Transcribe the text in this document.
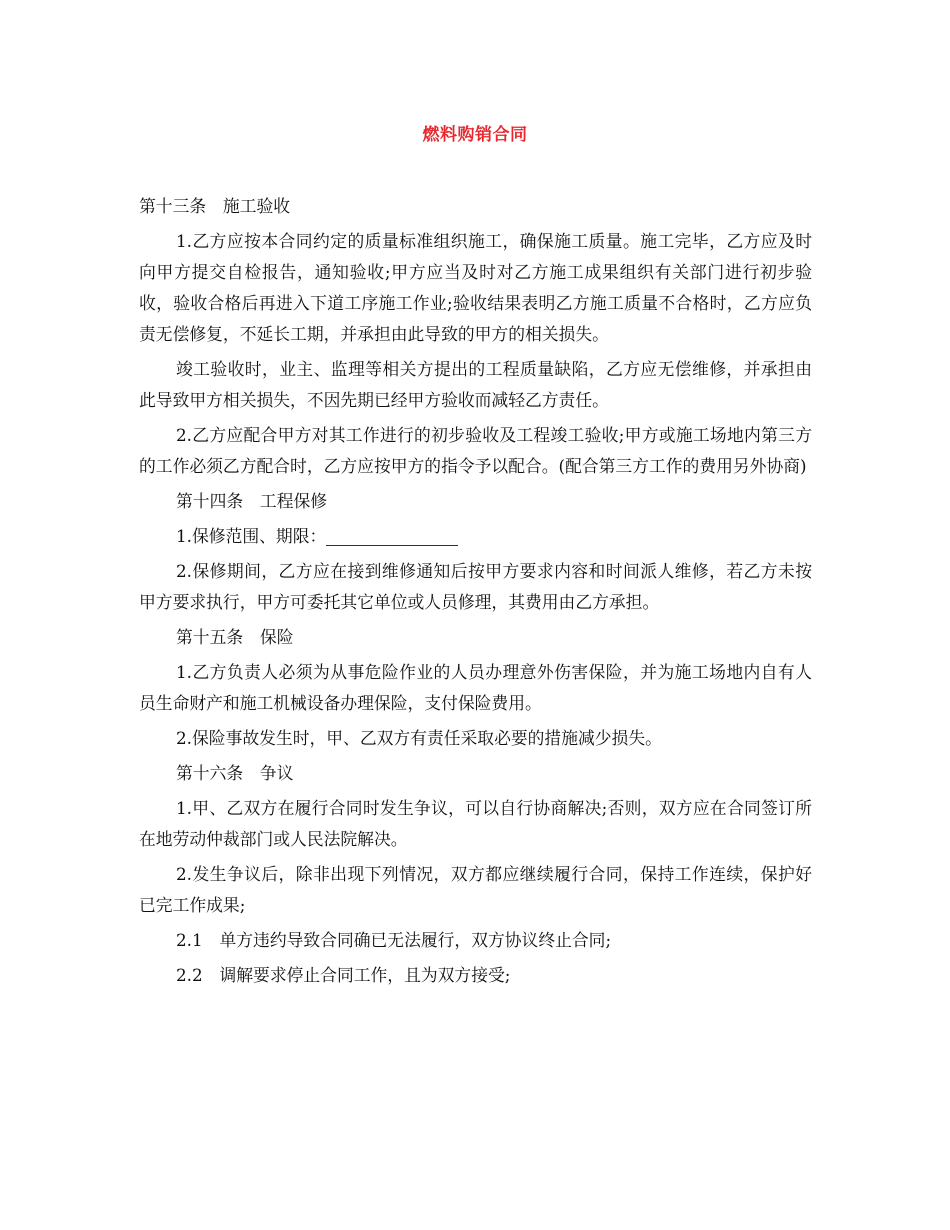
燃料购销合同

第十三条　施工验收

1.乙方应按本合同约定的质量标准组织施工，确保施工质量。施工完毕，乙方应及时向甲方提交自检报告，通知验收;甲方应当及时对乙方施工成果组织有关部门进行初步验收，验收合格后再进入下道工序施工作业;验收结果表明乙方施工质量不合格时，乙方应负责无偿修复，不延长工期，并承担由此导致的甲方的相关损失。

竣工验收时，业主、监理等相关方提出的工程质量缺陷，乙方应无偿维修，并承担由此导致甲方相关损失，不因先期已经甲方验收而减轻乙方责任。

2.乙方应配合甲方对其工作进行的初步验收及工程竣工验收;甲方或施工场地内第三方的工作必须乙方配合时，乙方应按甲方的指令予以配合。(配合第三方工作的费用另外协商)

第十四条　工程保修

1.保修范围、期限：

2.保修期间，乙方应在接到维修通知后按甲方要求内容和时间派人维修，若乙方未按甲方要求执行，甲方可委托其它单位或人员修理，其费用由乙方承担。

第十五条　保险

1.乙方负责人必须为从事危险作业的人员办理意外伤害保险，并为施工场地内自有人员生命财产和施工机械设备办理保险，支付保险费用。

2.保险事故发生时，甲、乙双方有责任采取必要的措施减少损失。

第十六条　争议

1.甲、乙双方在履行合同时发生争议，可以自行协商解决;否则，双方应在合同签订所在地劳动仲裁部门或人民法院解决。

2.发生争议后，除非出现下列情况，双方都应继续履行合同，保持工作连续，保护好已完工作成果;

2.1　单方违约导致合同确已无法履行，双方协议终止合同;

2.2　调解要求停止合同工作，且为双方接受;
